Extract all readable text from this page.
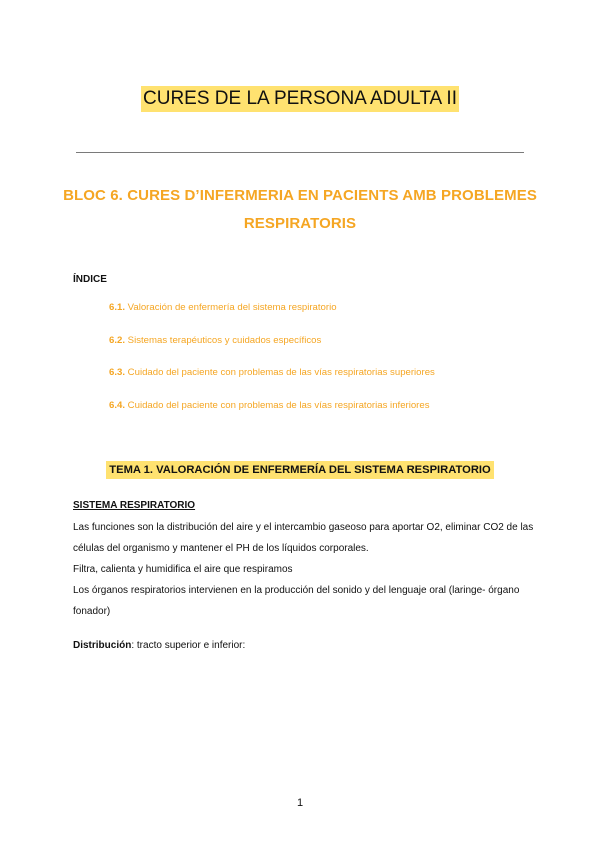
CURES DE LA PERSONA ADULTA II
BLOC 6. CURES D’INFERMERIA EN PACIENTS AMB PROBLEMES RESPIRATORIS
ÍNDICE
6.1. Valoración de enfermería del sistema respiratorio
6.2. Sistemas terapéuticos y cuidados específicos
6.3. Cuidado del paciente con problemas de las vías respiratorias superiores
6.4. Cuidado del paciente con problemas de las vías respiratorias inferiores
TEMA 1. VALORACIÓN DE ENFERMERÍA DEL SISTEMA RESPIRATORIO
SISTEMA RESPIRATORIO
Las funciones son la distribución del aire y el intercambio gaseoso para aportar O2, eliminar CO2 de las células del organismo y mantener el PH de los líquidos corporales.
Filtra, calienta y humidifica el aire que respiramos
Los órganos respiratorios intervienen en la producción del sonido y del lenguaje oral (laringe- órgano fonador)
Distribución: tracto superior e inferior:
1
